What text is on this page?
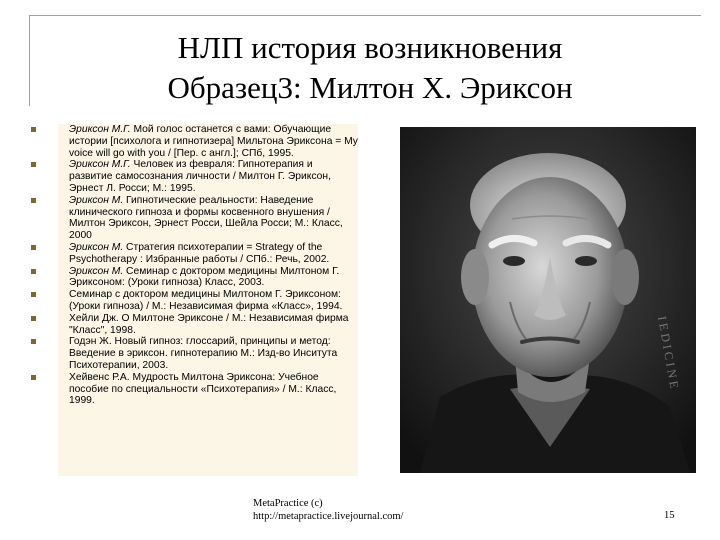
НЛП история возникновения
Образец3: Милтон Х. Эриксон
Эриксон М.Г. Мой голос останется с вами: Обучающие истории [психолога и гипнотизера] Мильтона Эриксона = My voice will go with you / [Пер. с англ.]; СПб, 1995.
Эриксон М.Г. Человек из февраля: Гипнотерапия и развитие самосознания личности / Милтон Г. Эриксон, Эрнест Л. Росси; М.: 1995.
Эриксон М. Гипнотические реальности: Наведение клинического гипноза и формы косвенного внушения / Милтон Эриксон, Эрнест Росси, Шейла Росси; М.: Класс, 2000
Эриксон М. Стратегия психотерапии = Strategy of the Psychotherapy : Избранные работы / СПб.: Речь, 2002.
Эриксон М. Семинар с доктором медицины Милтоном Г. Эриксоном: (Уроки гипноза) Класс, 2003.
Семинар с доктором медицины Милтоном Г. Эриксоном: (Уроки гипноза) / М.: Независимая фирма «Класс», 1994.
Хейли Дж. О Милтоне Эриксоне / М.: Независимая фирма "Класс", 1998.
Годэн Ж. Новый гипноз: глоссарий, принципы и метод: Введение в эриксон. гипнотерапию М.: Изд-во Инситута Психотерапии, 2003.
Хейвенс Р.А. Мудрость Милтона Эриксона: Учебное пособие по специальности «Психотерапия» / М.: Класс, 1999.
I E D I C I N E
MetaPractice (c)
http://metapractice.livejournal.com/	15
